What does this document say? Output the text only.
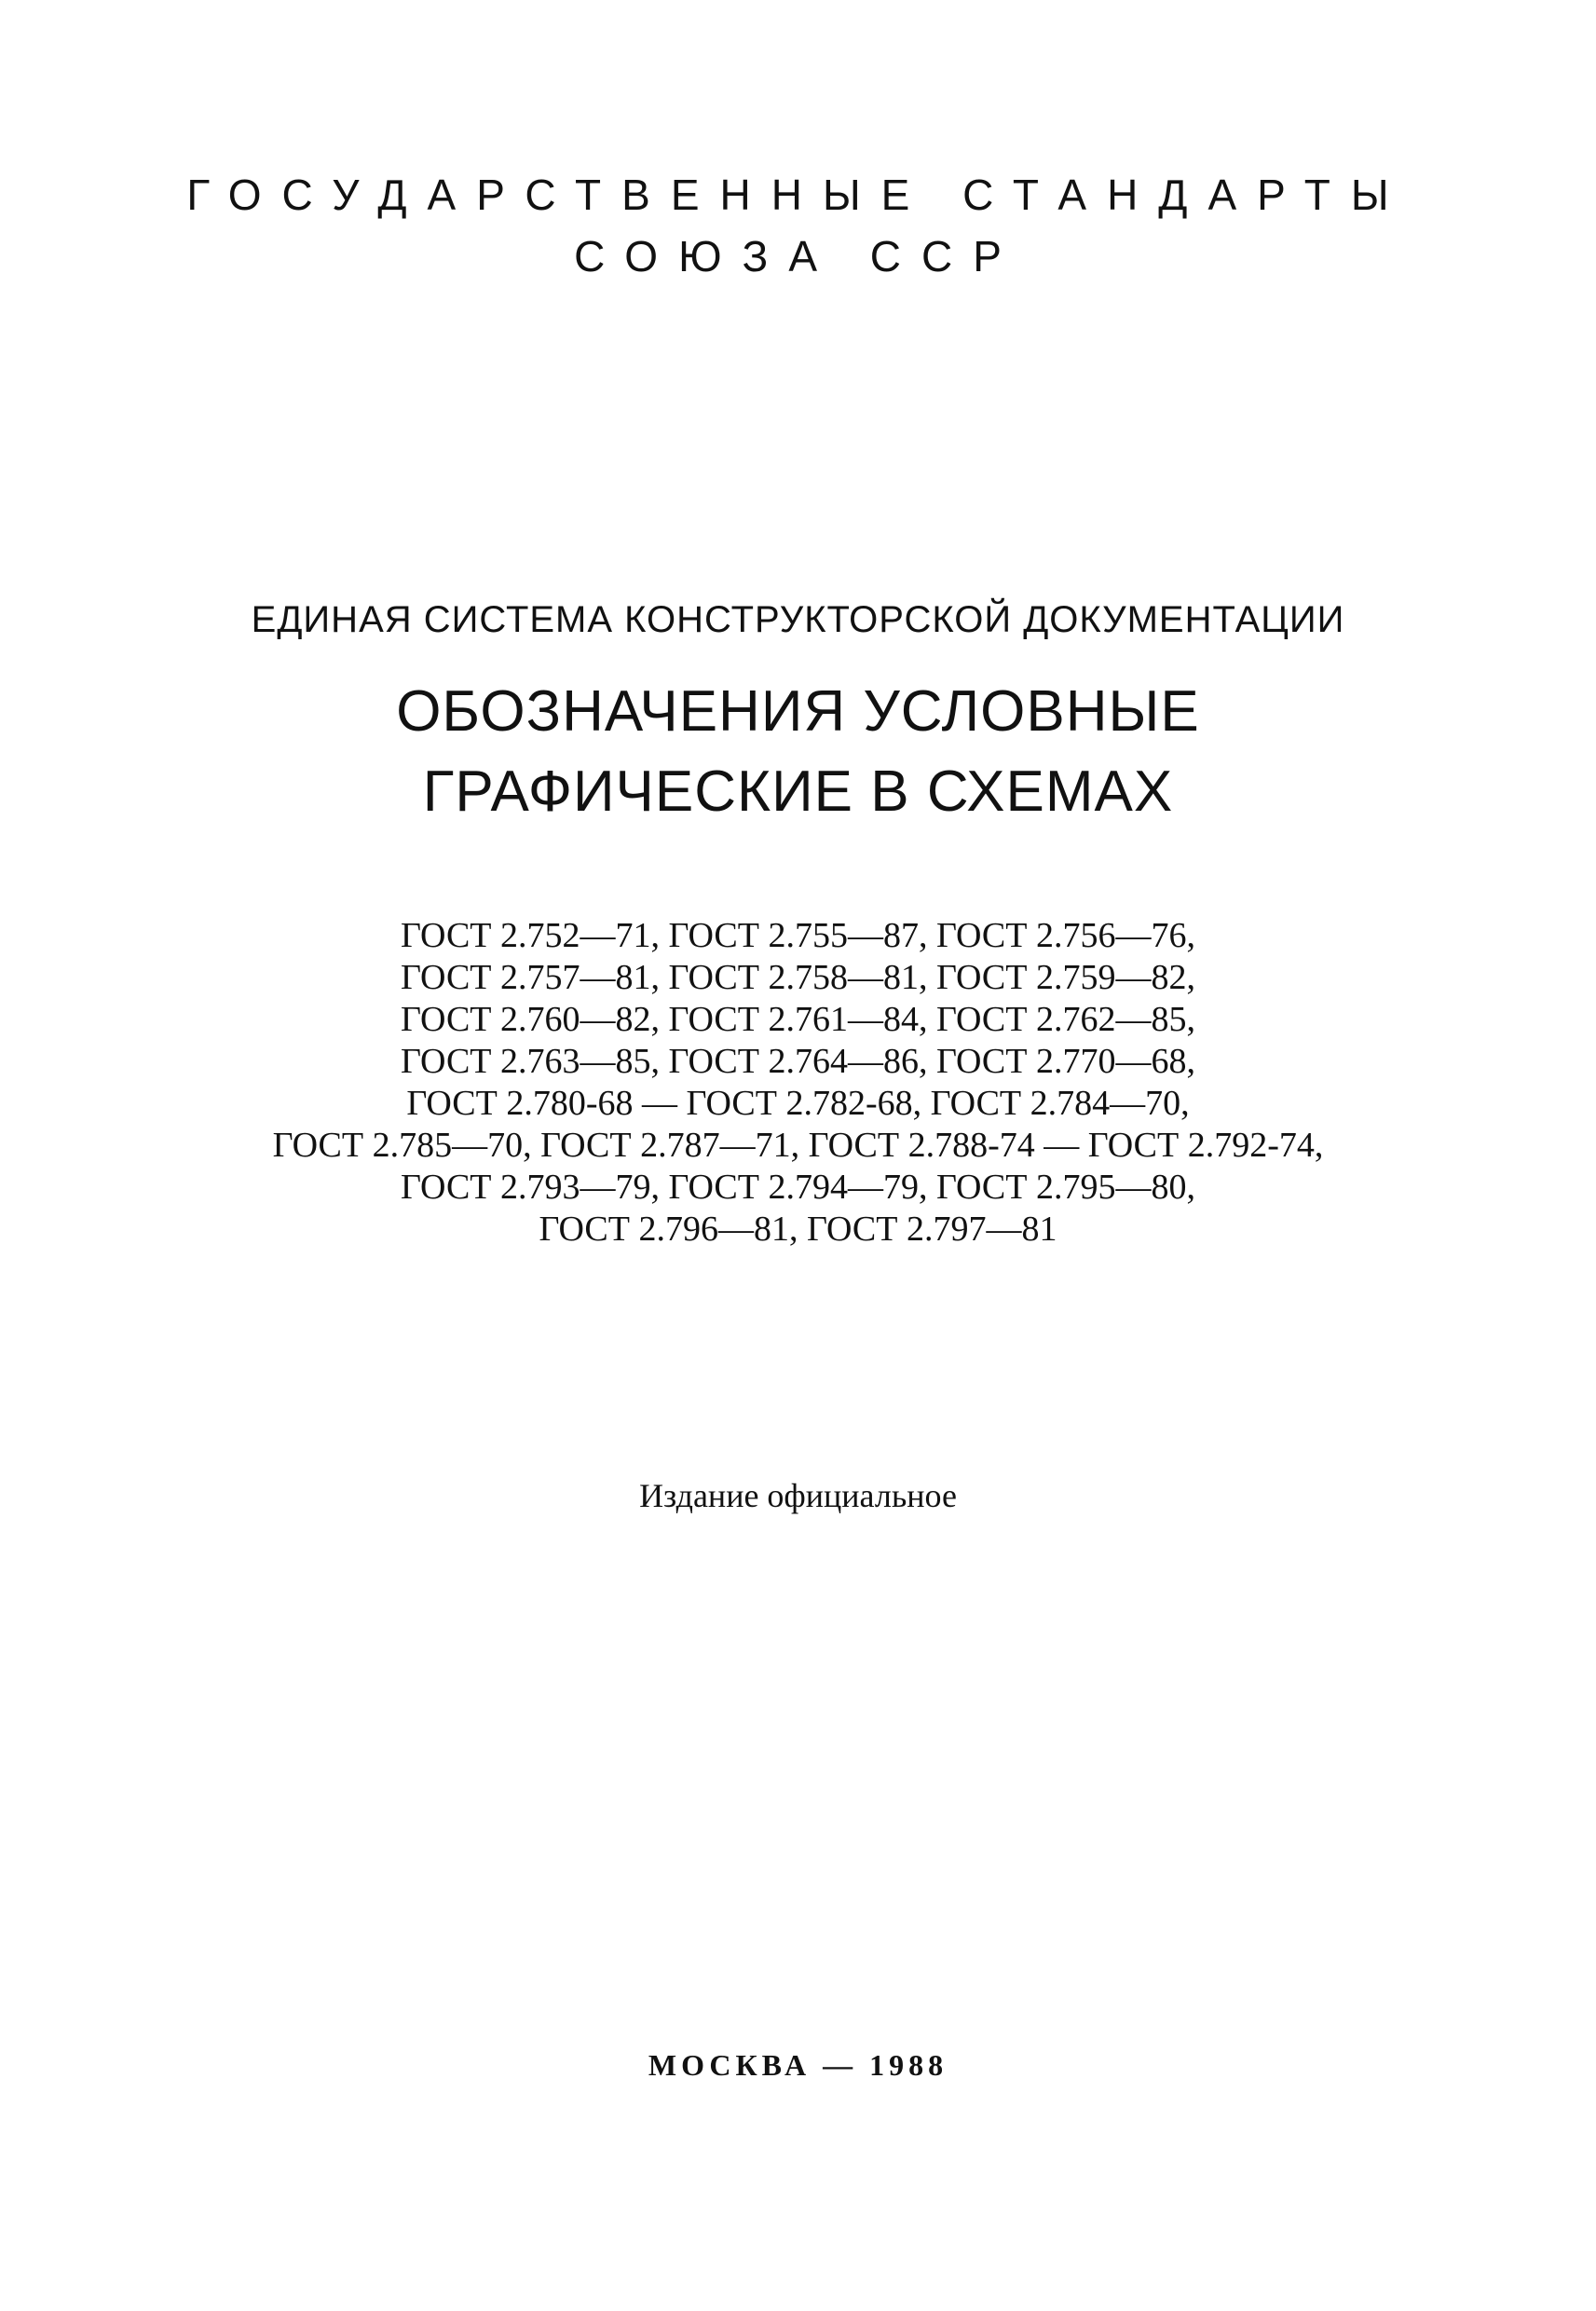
ГОСУДАРСТВЕННЫЕ СТАНДАРТЫ
СОЮЗА ССР
ЕДИНАЯ СИСТЕМА КОНСТРУКТОРСКОЙ ДОКУМЕНТАЦИИ
ОБОЗНАЧЕНИЯ УСЛОВНЫЕ
ГРАФИЧЕСКИЕ В СХЕМАХ
ГОСТ 2.752—71, ГОСТ 2.755—87, ГОСТ 2.756—76,
ГОСТ 2.757—81, ГОСТ 2.758—81, ГОСТ 2.759—82,
ГОСТ 2.760—82, ГОСТ 2.761—84, ГОСТ 2.762—85,
ГОСТ 2.763—85, ГОСТ 2.764—86, ГОСТ 2.770—68,
ГОСТ 2.780-68 — ГОСТ 2.782-68, ГОСТ 2.784—70,
ГОСТ 2.785—70, ГОСТ 2.787—71, ГОСТ 2.788-74 — ГОСТ 2.792-74,
ГОСТ 2.793—79, ГОСТ 2.794—79, ГОСТ 2.795—80,
ГОСТ 2.796—81, ГОСТ 2.797—81
Издание официальное
МОСКВА — 1988
